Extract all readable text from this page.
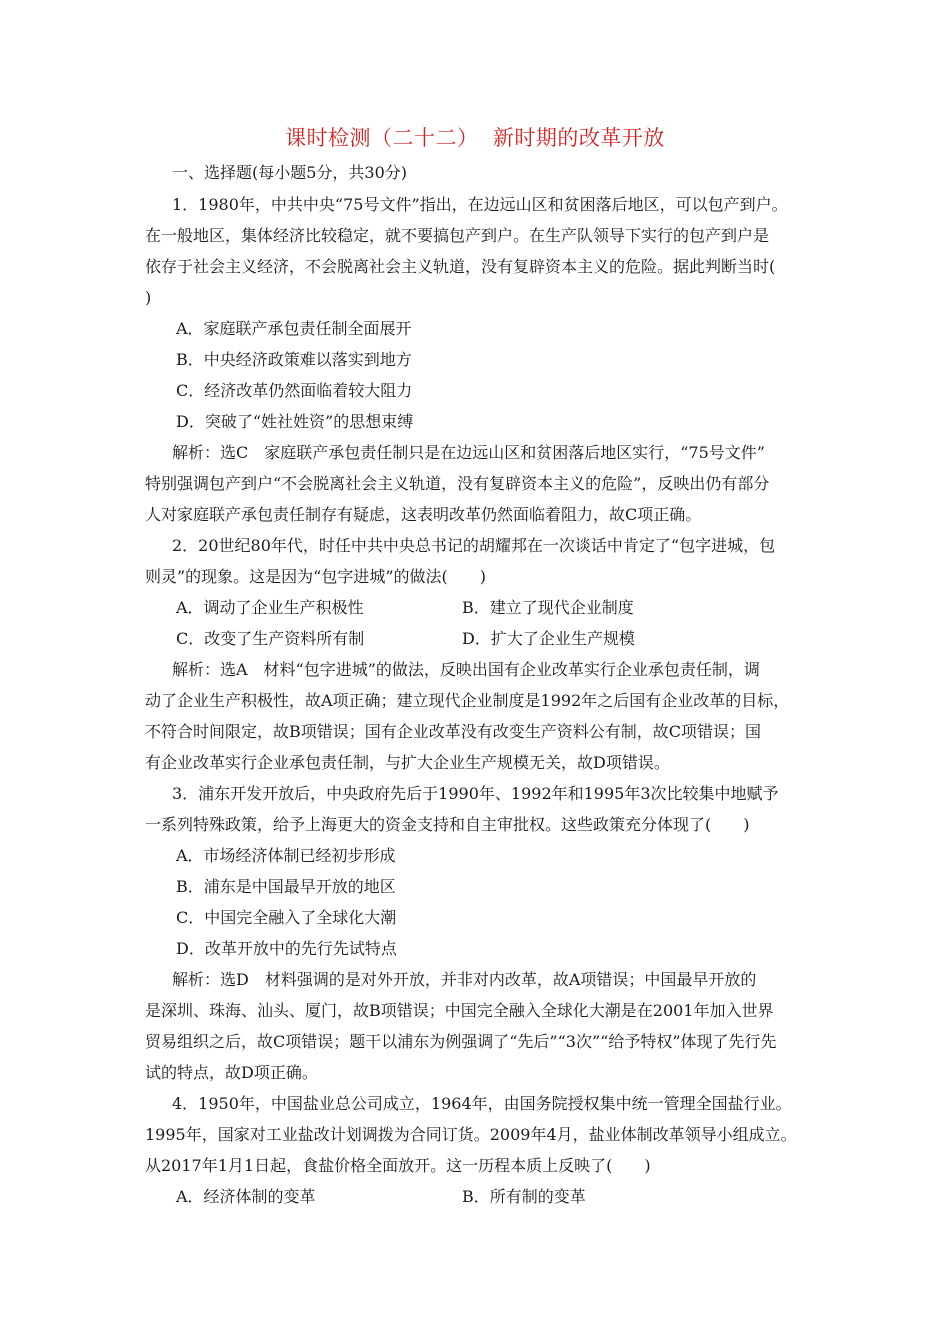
课时检测（二十二）  新时期的改革开放
一、选择题(每小题5分，共30分)
1．1980年，中共中央“75号文件”指出，在边远山区和贫困落后地区，可以包产到户。
在一般地区，集体经济比较稳定，就不要搞包产到户。在生产队领导下实行的包产到户是
依存于社会主义经济，不会脱离社会主义轨道，没有复辟资本主义的危险。据此判断当时(
)
A．家庭联产承包责任制全面展开
B．中央经济政策难以落实到地方
C．经济改革仍然面临着较大阻力
D．突破了“姓社姓资”的思想束缚
解析：选C　家庭联产承包责任制只是在边远山区和贫困落后地区实行，“75号文件”
特别强调包产到户“不会脱离社会主义轨道，没有复辟资本主义的危险”，反映出仍有部分
人对家庭联产承包责任制存有疑虑，这表明改革仍然面临着阻力，故C项正确。
2．20世纪80年代，时任中共中央总书记的胡耀邦在一次谈话中肯定了“包字进城，包
则灵”的现象。这是因为“包字进城”的做法(　　)
A．调动了企业生产积极性	B．建立了现代企业制度
C．改变了生产资料所有制	D．扩大了企业生产规模
解析：选A　材料“包字进城”的做法，反映出国有企业改革实行企业承包责任制，调
动了企业生产积极性，故A项正确；建立现代企业制度是1992年之后国有企业改革的目标，
不符合时间限定，故B项错误；国有企业改革没有改变生产资料公有制，故C项错误；国
有企业改革实行企业承包责任制，与扩大企业生产规模无关，故D项错误。
3．浦东开发开放后，中央政府先后于1990年、1992年和1995年3次比较集中地赋予
一系列特殊政策，给予上海更大的资金支持和自主审批权。这些政策充分体现了(　　)
A．市场经济体制已经初步形成
B．浦东是中国最早开放的地区
C．中国完全融入了全球化大潮
D．改革开放中的先行先试特点
解析：选D　材料强调的是对外开放，并非对内改革，故A项错误；中国最早开放的
是深圳、珠海、汕头、厦门，故B项错误；中国完全融入全球化大潮是在2001年加入世界
贸易组织之后，故C项错误；题干以浦东为例强调了“先后”“3次”“给予特权”体现了先行先
试的特点，故D项正确。
4．1950年，中国盐业总公司成立，1964年，由国务院授权集中统一管理全国盐行业。
1995年，国家对工业盐改计划调拨为合同订货。2009年4月，盐业体制改革领导小组成立。
从2017年1月1日起，食盐价格全面放开。这一历程本质上反映了(　　)
A．经济体制的变革	B．所有制的变革
